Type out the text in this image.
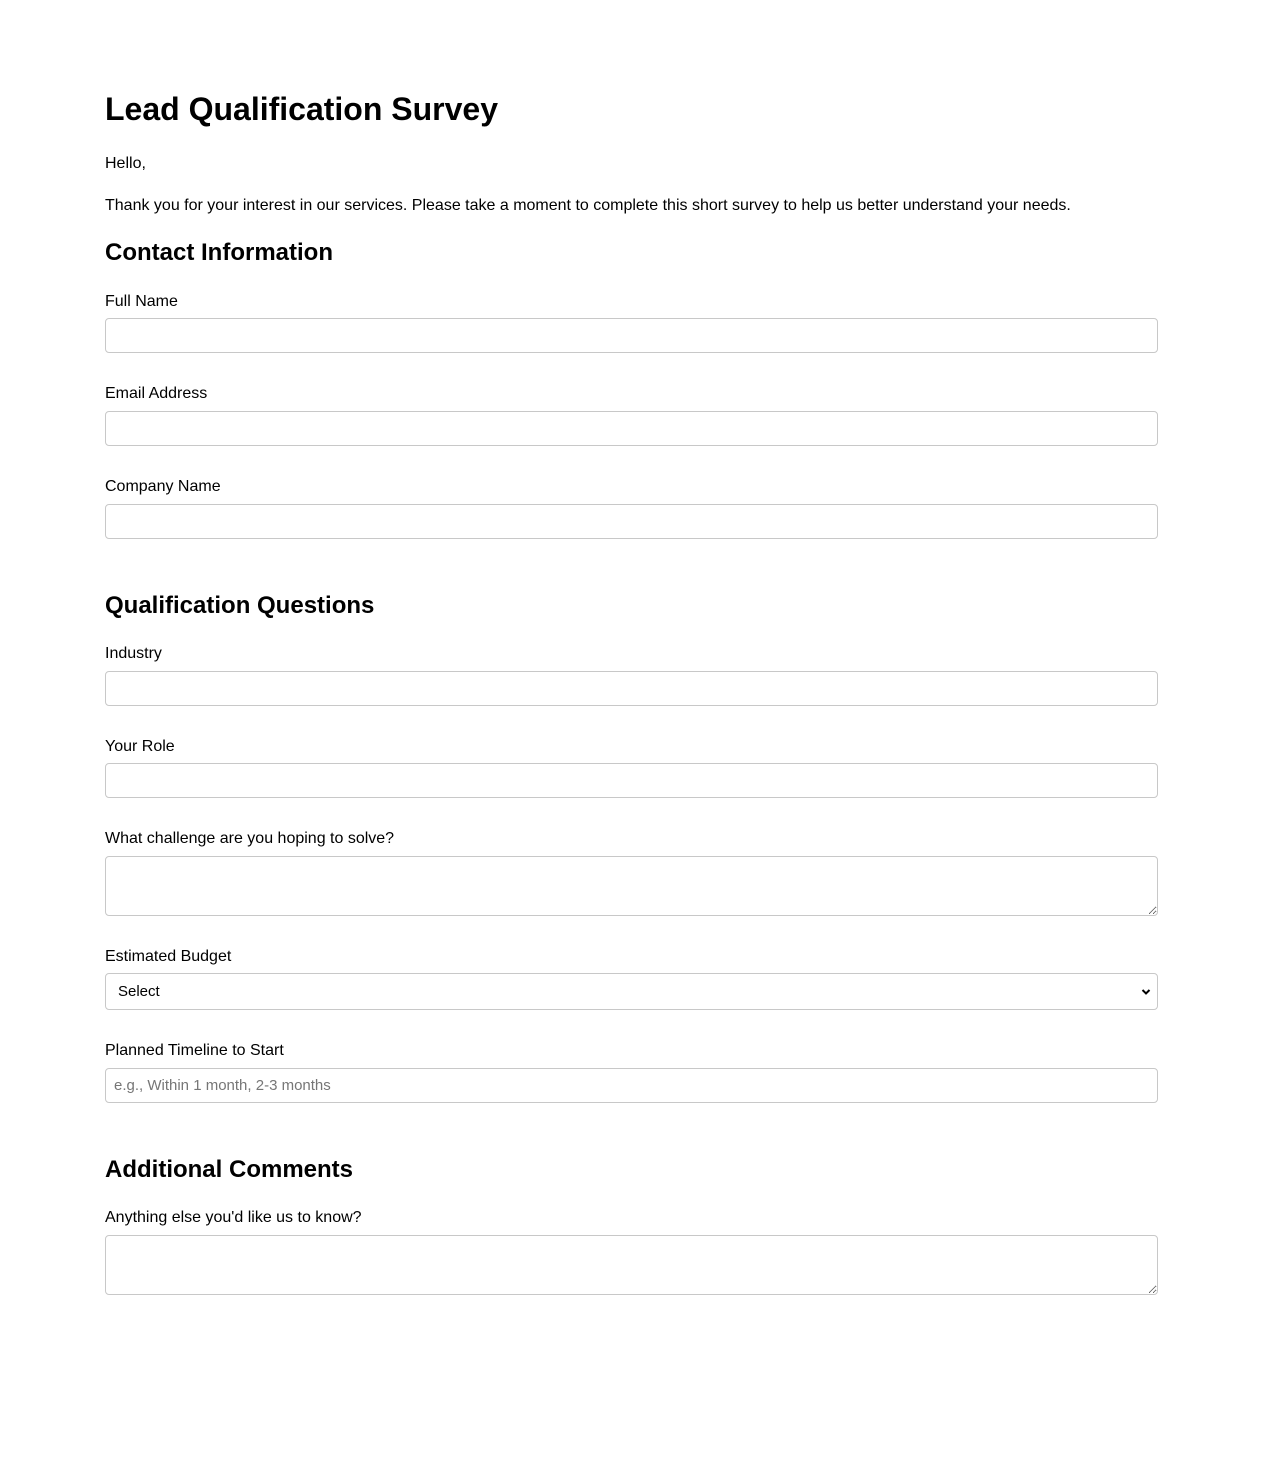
Lead Qualification Survey

Hello,

Thank you for your interest in our services. Please take a moment to complete this short survey to help us better understand your needs.

Contact Information
Full Name
Email Address
Company Name
Qualification Questions
Industry
Your Role
What challenge are you hoping to solve?
Estimated Budget
Select
Planned Timeline to Start
e.g., Within 1 month, 2-3 months
Additional Comments
Anything else you'd like us to know?
